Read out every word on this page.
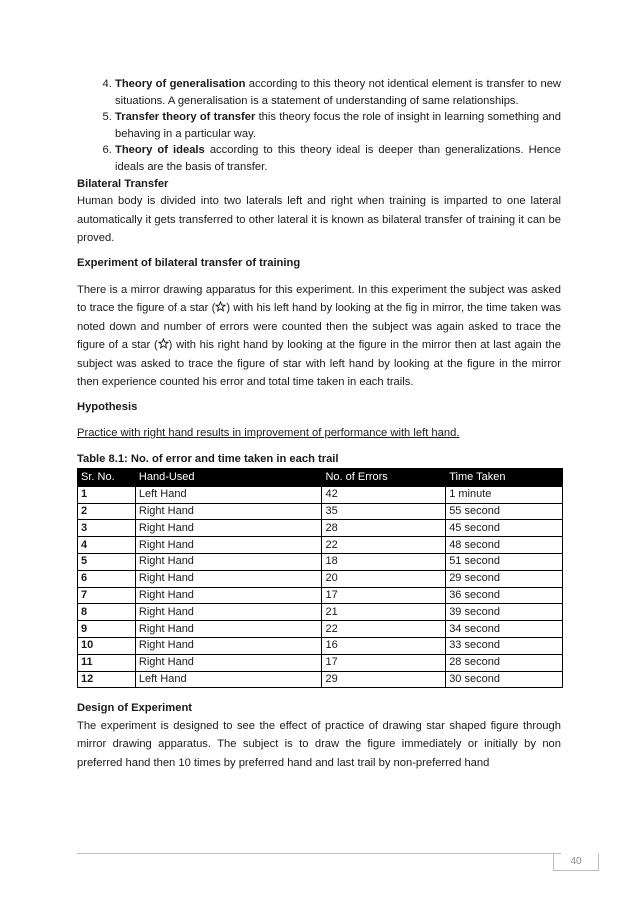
4. Theory of generalisation according to this theory not identical element is transfer to new situations. A generalisation is a statement of understanding of same relationships.
5. Transfer theory of transfer this theory focus the role of insight in learning something and behaving in a particular way.
6. Theory of ideals according to this theory ideal is deeper than generalizations. Hence ideals are the basis of transfer.
Bilateral Transfer

Human body is divided into two laterals left and right when training is imparted to one lateral automatically it gets transferred to other lateral it is known as bilateral transfer of training it can be proved.

Experiment of bilateral transfer of training

There is a mirror drawing apparatus for this experiment. In this experiment the subject was asked to trace the figure of a star ( ) with his left hand by looking at the fig in mirror, the time taken was noted down and number of errors were counted then the subject was again asked to trace the figure of a star ( ) with his right hand by looking at the figure in the mirror then at last again the subject was asked to trace the figure of star with left hand by looking at the figure in the mirror then experience counted his error and total time taken in each trails.

Hypothesis
Practice with right hand results in improvement of performance with left hand.
Table 8.1: No. of error and time taken in each trail
Sr. No.	Hand-Used	No. of Errors	Time Taken
1	Left Hand	42	1 minute
2	Right Hand	35	55 second
3	Right Hand	28	45 second
4	Right Hand	22	48 second
5	Right Hand	18	51 second
6	Right Hand	20	29 second
7	Right Hand	17	36 second
8	Right Hand	21	39 second
9	Right Hand	22	34 second
10	Right Hand	16	33 second
11	Right Hand	17	28 second
12	Left Hand	29	30 second
Design of Experiment

The experiment is designed to see the effect of practice of drawing star shaped figure through mirror drawing apparatus. The subject is to draw the figure immediately or initially by non preferred hand then 10 times by preferred hand and last trail by non-preferred hand

40
